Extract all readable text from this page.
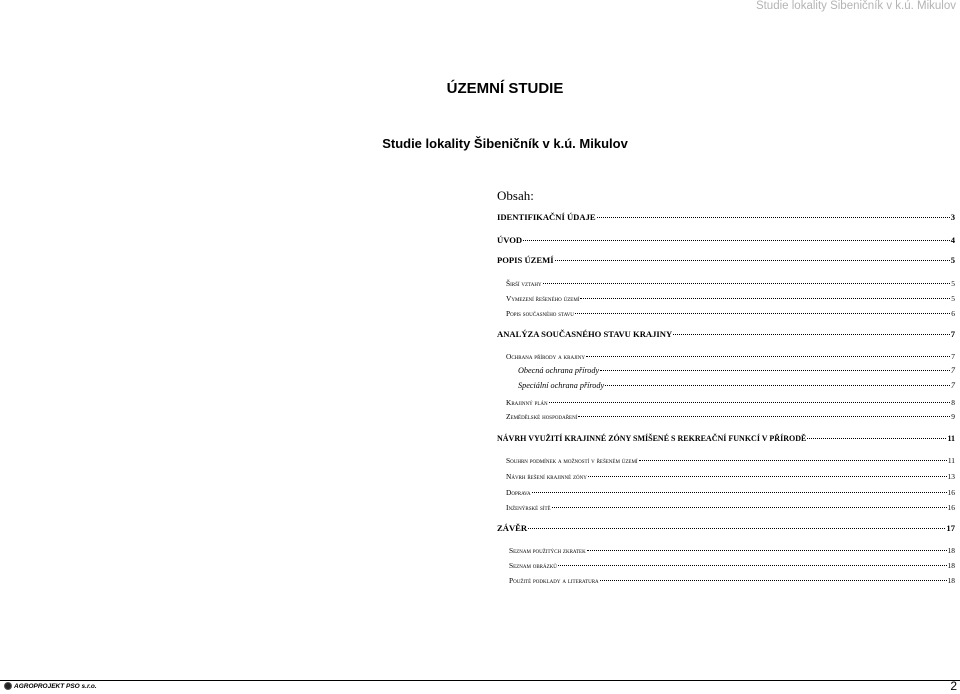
Studie lokality Šibeničník v k.ú. Mikulov
ÚZEMNÍ STUDIE
Studie lokality Šibeničník v k.ú. Mikulov
Obsah:
IDENTIFIKAČNÍ ÚDAJE	3
ÚVOD	4
POPIS ÚZEMÍ	5
Širší vztahy	5
Vymezení řešeného území	5
Popis současného stavu	6
ANALÝZA SOUČASNÉHO STAVU KRAJINY	7
Ochrana přírody a krajiny	7
Obecná ochrana přírody	7
Speciální ochrana přírody	7
Krajinný plán	8
Zemědělské hospodaření	9
NÁVRH VYUŽITÍ KRAJINNÉ ZÓNY SMÍŠENÉ S REKREAČNÍ FUNKCÍ V PŘÍRODĚ	11
Souhrn podmínek a možností v řešeném území	11
Návrh řešení krajinné zóny	13
Doprava	16
Inženýrské sítě	16
ZÁVĚR	17
Seznam použitých zkratek	18
Seznam obrázků	18
Použité podklady a literatura	18
AGROPROJEKT PSO s.r.o.	2
